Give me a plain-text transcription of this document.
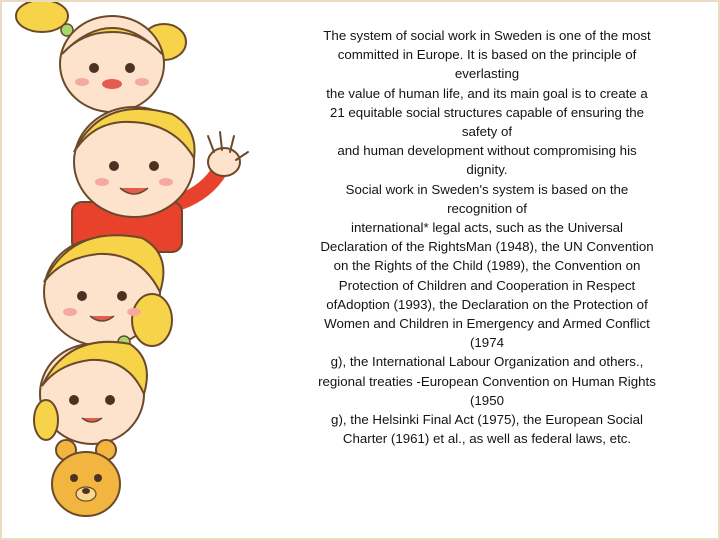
The system of social work in Sweden is one of the most
committed in Europe. It is based on the principle of
everlasting
the value of human life, and its main goal is to create a
21 equitable social structures capable of ensuring the
safety of
and human development without compromising his
dignity.
Social work in Sweden's system is based on the
recognition of
international* legal acts, such as the Universal
Declaration of the RightsMan (1948), the UN Convention
on the Rights of the Child (1989), the Convention on
Protection of Children and Cooperation in Respect
ofAdoption (1993), the Declaration on the Protection of
Women and Children in Emergency and Armed Conflict
(1974
g), the International Labour Organization and others.,
regional treaties -European Convention on Human Rights
(1950
g), the Helsinki Final Act (1975), the European Social
Charter (1961) et al., as well as federal laws, etc.
